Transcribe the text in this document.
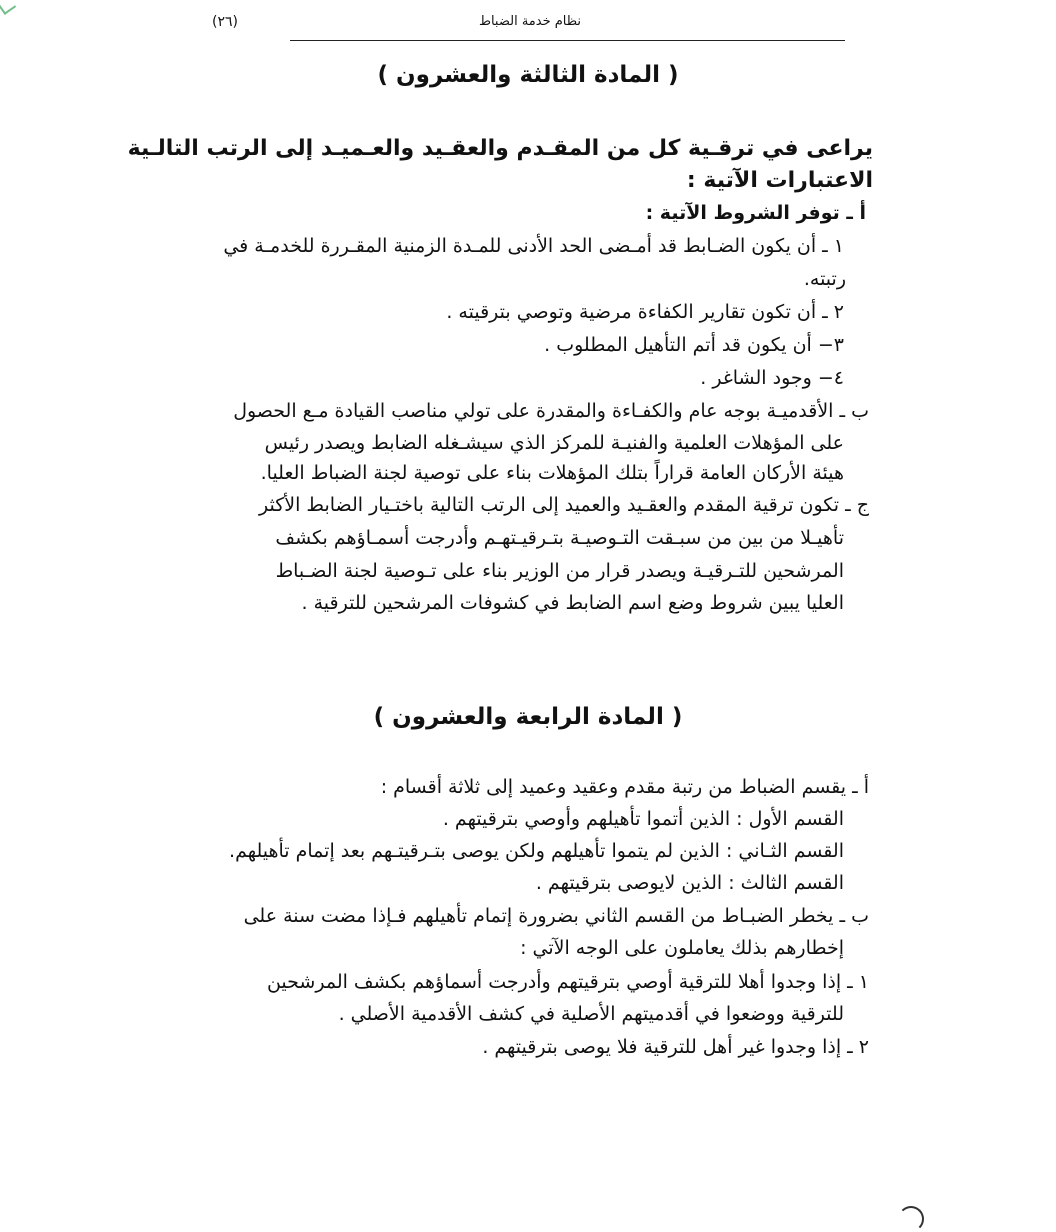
نظام خدمة الضباط
(٢٦)
( المادة الثالثة والعشرون )
يراعى في ترقـية كل من المقـدم والعقـيد والعـميـد إلى الرتب التالـية
الاعتبارات الآتية :
أ ـ توفر الشروط الآتية :
١ ـ أن يكون الضـابط قد أمـضى الحد الأدنى للمـدة الزمنية المقـررة للخدمـة في
رتبته.
٢ ـ أن تكون تقارير الكفاءة مرضية وتوصي بترقيته .
٣− أن يكون قد أتم التأهيل المطلوب .
٤− وجود الشاغر .
ب ـ الأقدميـة بوجه عام والكفـاءة والمقدرة على تولي مناصب القيادة مـع الحصول
على المؤهلات العلمية والفنيـة للمركز الذي سيشـغله الضابط ويصدر رئيس
هيئة الأركان العامة قراراً بتلك المؤهلات بناء على توصية لجنة الضباط العليا.
ج ـ تكون ترقية المقدم والعقـيد والعميد إلى الرتب التالية باختـيار الضابط الأكثر
تأهيـلا من بين من سبـقت التـوصيـة بتـرقيـتهـم وأدرجت أسمـاؤهم بكشف
المرشحين للتـرقيـة ويصدر قرار من الوزير بناء على تـوصية لجنة الضـباط
العليا يبين شروط وضع اسم الضابط في كشوفات المرشحين للترقية .
( المادة الرابعة والعشرون )
أ ـ يقسم الضباط من رتبة مقدم وعقيد وعميد إلى ثلاثة أقسام :
القسم الأول : الذين أتموا تأهيلهم وأوصي بترقيتهم .
القسم الثـاني : الذين لم يتموا تأهيلهم ولكن يوصى بتـرقيتـهم بعد إتمام تأهيلهم.
القسم الثالث : الذين لايوصى بترقيتهم .
ب ـ يخطر الضبـاط من القسم الثاني بضرورة إتمام تأهيلهم فـإذا مضت سنة على
إخطارهم بذلك يعاملون على الوجه الآتي :
١ ـ إذا وجدوا أهلا للترقية أوصي بترقيتهم وأدرجت أسماؤهم بكشف المرشحين
للترقية ووضعوا في أقدميتهم الأصلية في كشف الأقدمية الأصلي .
٢ ـ إذا وجدوا غير أهل للترقية فلا يوصى بترقيتهم .
